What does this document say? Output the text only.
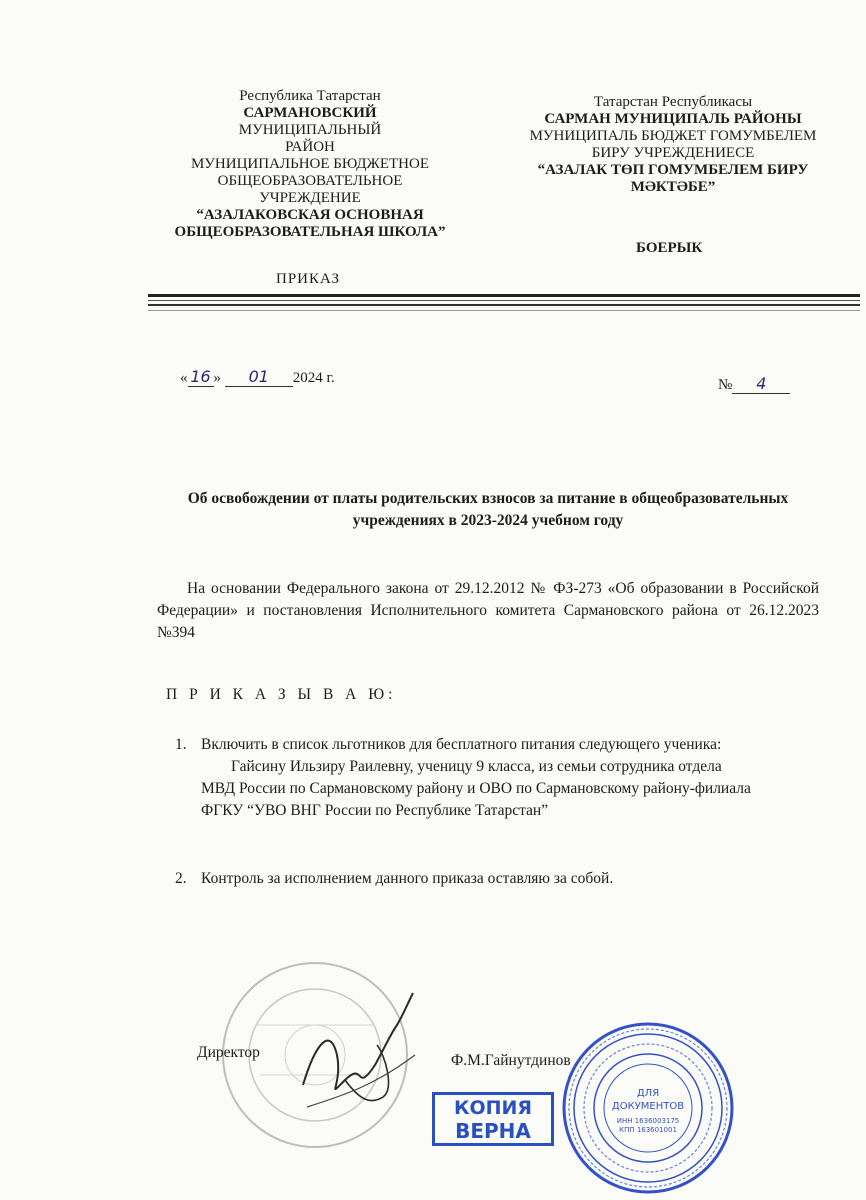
Республика Татарстан
САРМАНОВСКИЙ
МУНИЦИПАЛЬНЫЙ
РАЙОН
МУНИЦИПАЛЬНОЕ БЮДЖЕТНОЕ
ОБЩЕОБРАЗОВАТЕЛЬНОЕ
УЧРЕЖДЕНИЕ
“АЗАЛАКОВСКАЯ ОСНОВНАЯ
ОБЩЕОБРАЗОВАТЕЛЬНАЯ ШКОЛА”
ПРИКАЗ
Татарстан Республикасы
САРМАН МУНИЦИПАЛЬ РАЙОНЫ
МУНИЦИПАЛЬ БЮДЖЕТ ГОМУМБЕЛЕМ
БИРУ УЧРЕЖДЕНИЕСЕ
“АЗАЛАК ТӨП ГОМУМБЕЛЕМ БИРУ
МӘКТӘБЕ”
БОЕРЫК
« 16 » 01 2024 г.	№ 4
Об освобождении от платы родительских взносов за питание в общеобразовательных
учреждениях в 2023-2024 учебном году
На основании Федерального закона от 29.12.2012 № ФЗ-273 «Об образовании в Российской Федерации» и постановления Исполнительного комитета Сармановского района от 26.12.2023 №394
П Р И К А З Ы В А Ю:
1. Включить в список льготников для бесплатного питания следующего ученика:
Гайсину Ильзиру Раилевну, ученицу 9 класса, из семьи сотрудника отдела
МВД России по Сармановскому району и ОВО по Сармановскому району-филиала
ФГКУ “УВО ВНГ России по Республике Татарстан”
2. Контроль за исполнением данного приказа оставляю за собой.
Директор	Ф.М.Гайнутдинов
ДЛЯ
ДОКУМЕНТОВ
ИНН 1636003175
КПП 163601001
КОПИЯ
ВЕРНА
